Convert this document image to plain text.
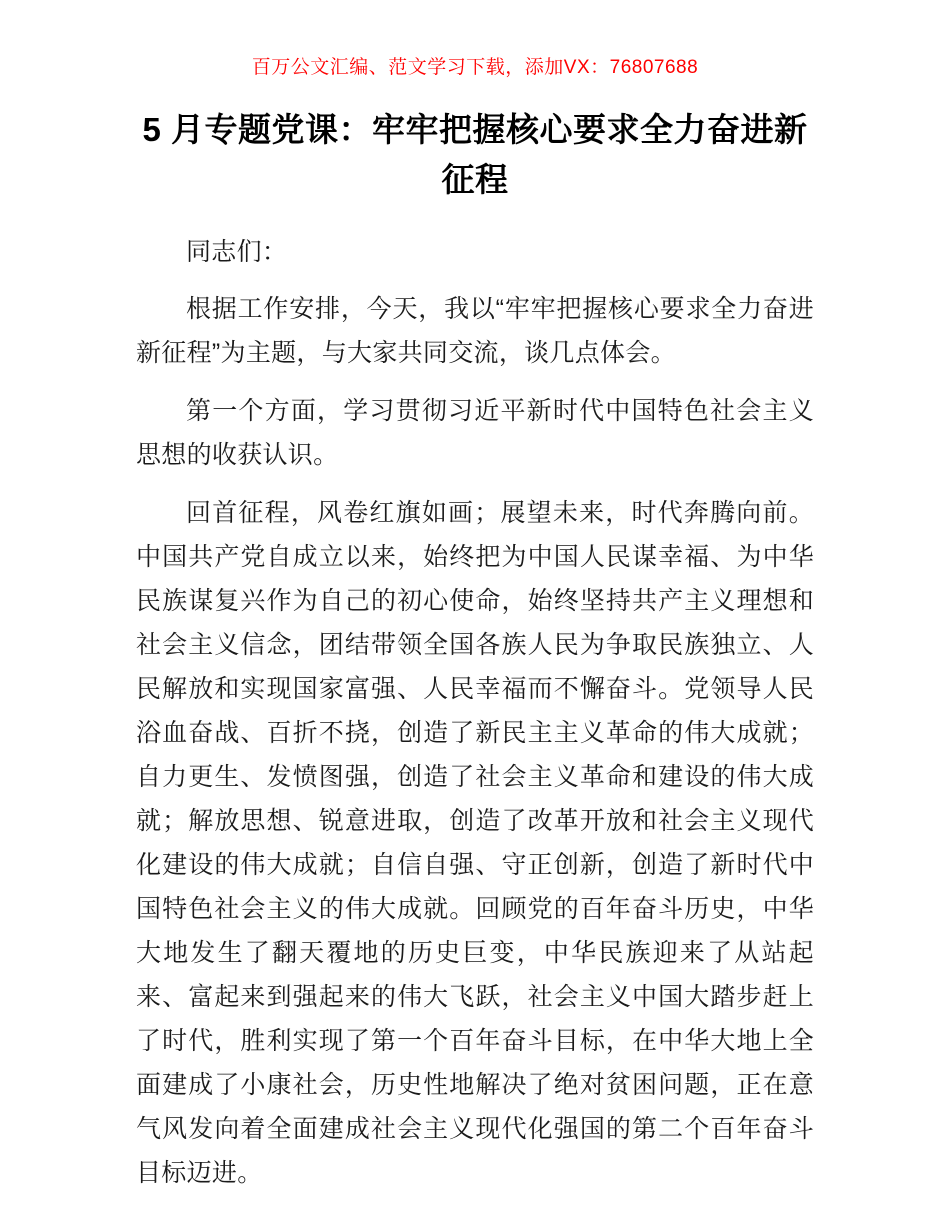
百万公文汇编、范文学习下载，添加VX：76807688
5 月专题党课：牢牢把握核心要求全力奋进新征程

同志们：

根据工作安排，今天，我以“牢牢把握核心要求全力奋进新征程”为主题，与大家共同交流，谈几点体会。

第一个方面，学习贯彻习近平新时代中国特色社会主义思想的收获认识。

回首征程，风卷红旗如画；展望未来，时代奔腾向前。中国共产党自成立以来，始终把为中国人民谋幸福、为中华民族谋复兴作为自己的初心使命，始终坚持共产主义理想和社会主义信念，团结带领全国各族人民为争取民族独立、人民解放和实现国家富强、人民幸福而不懈奋斗。党领导人民浴血奋战、百折不挠，创造了新民主主义革命的伟大成就；自力更生、发愤图强，创造了社会主义革命和建设的伟大成就；解放思想、锐意进取，创造了改革开放和社会主义现代化建设的伟大成就；自信自强、守正创新，创造了新时代中国特色社会主义的伟大成就。回顾党的百年奋斗历史，中华大地发生了翻天覆地的历史巨变，中华民族迎来了从站起来、富起来到强起来的伟大飞跃，社会主义中国大踏步赶上了时代，胜利实现了第一个百年奋斗目标，在中华大地上全面建成了小康社会，历史性地解决了绝对贫困问题，正在意气风发向着全面建成社会主义现代化强国的第二个百年奋斗目标迈进。
